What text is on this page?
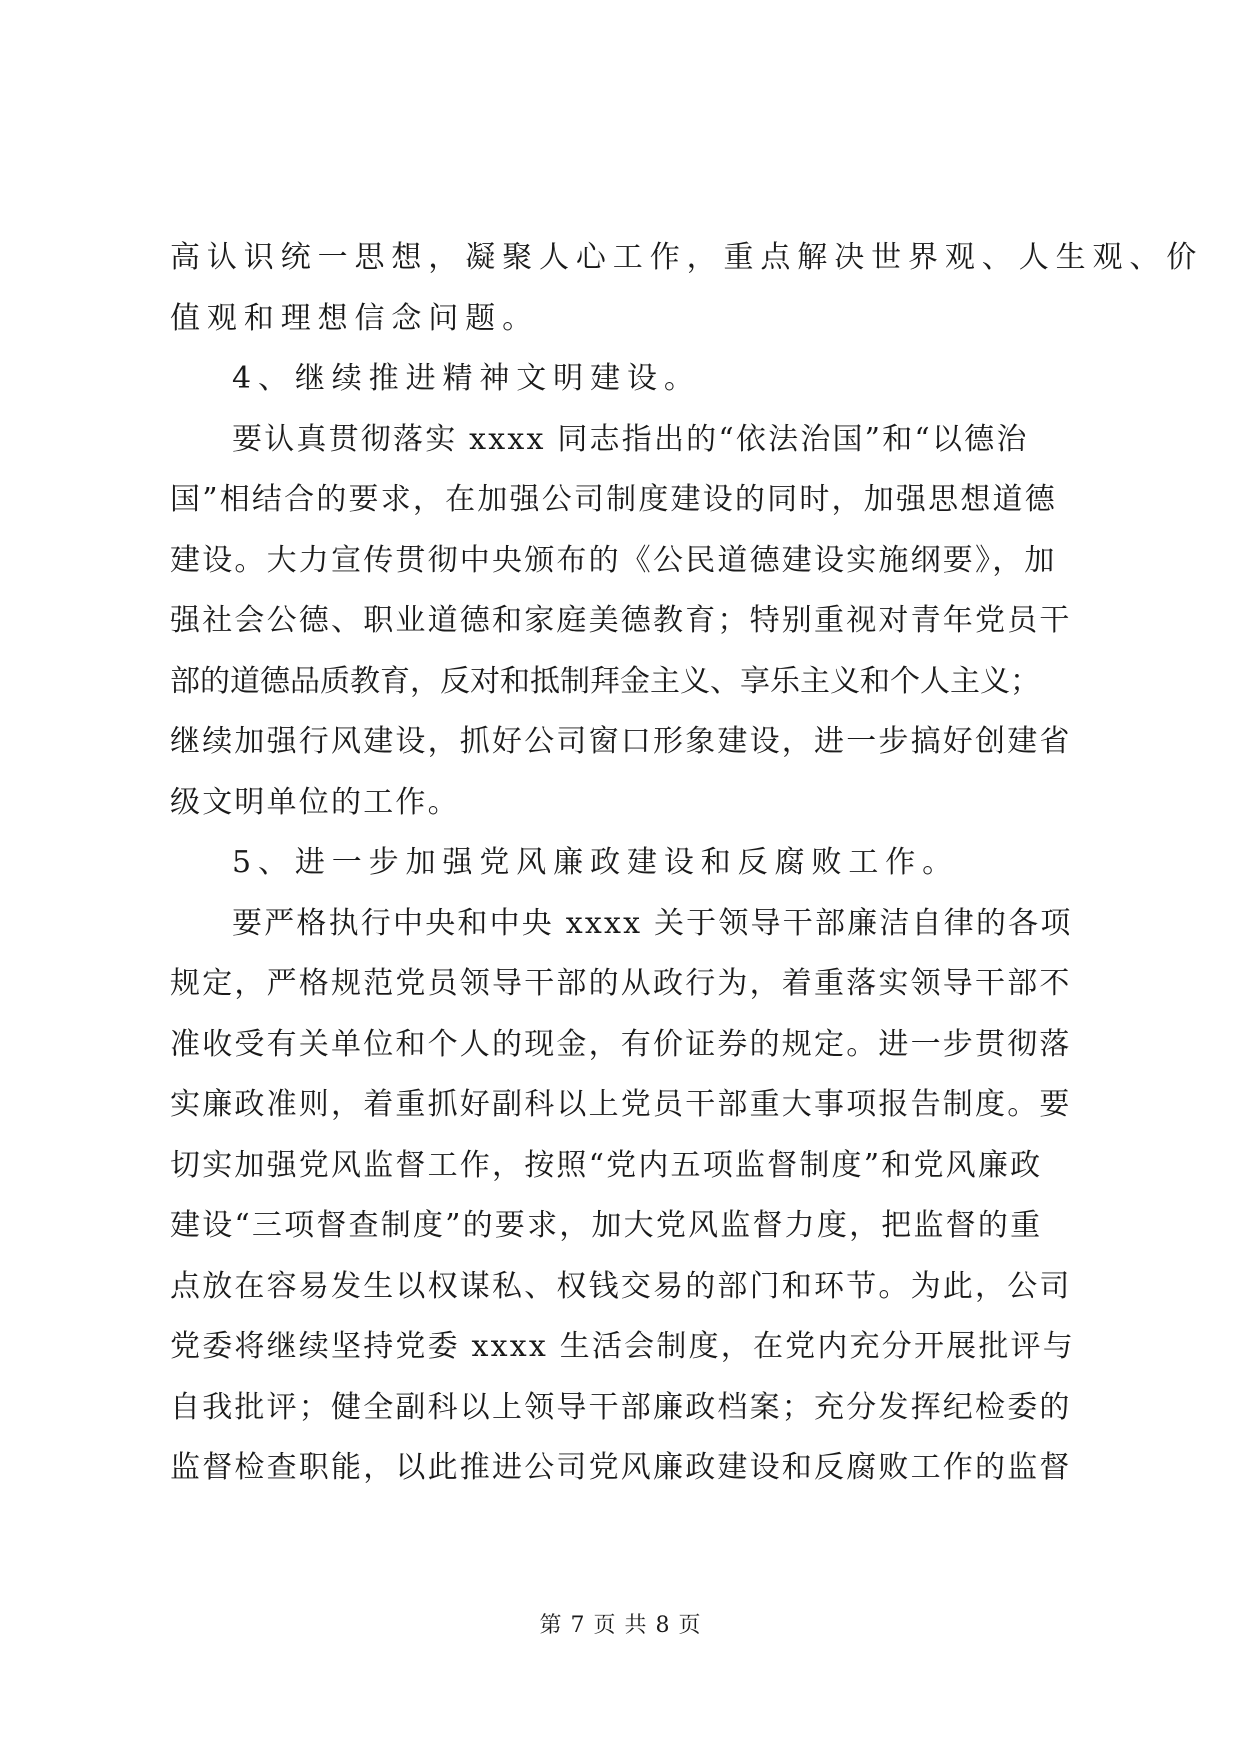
高认识统一思想，凝聚人心工作，重点解决世界观、人生观、价
值观和理想信念问题。
4、继续推进精神文明建设。
要认真贯彻落实 xxxx 同志指出的“依法治国”和“以德治
国”相结合的要求，在加强公司制度建设的同时，加强思想道德
建设。大力宣传贯彻中央颁布的《公民道德建设实施纲要》，加
强社会公德、职业道德和家庭美德教育；特别重视对青年党员干
部的道德品质教育，反对和抵制拜金主义、享乐主义和个人主义；
继续加强行风建设，抓好公司窗口形象建设，进一步搞好创建省
级文明单位的工作。
5、进一步加强党风廉政建设和反腐败工作。
要严格执行中央和中央 xxxx 关于领导干部廉洁自律的各项
规定，严格规范党员领导干部的从政行为，着重落实领导干部不
准收受有关单位和个人的现金，有价证券的规定。进一步贯彻落
实廉政准则，着重抓好副科以上党员干部重大事项报告制度。要
切实加强党风监督工作，按照“党内五项监督制度”和党风廉政
建设“三项督查制度”的要求，加大党风监督力度，把监督的重
点放在容易发生以权谋私、权钱交易的部门和环节。为此，公司
党委将继续坚持党委 xxxx 生活会制度，在党内充分开展批评与
自我批评；健全副科以上领导干部廉政档案；充分发挥纪检委的
监督检查职能，以此推进公司党风廉政建设和反腐败工作的监督
第 7 页 共 8 页
